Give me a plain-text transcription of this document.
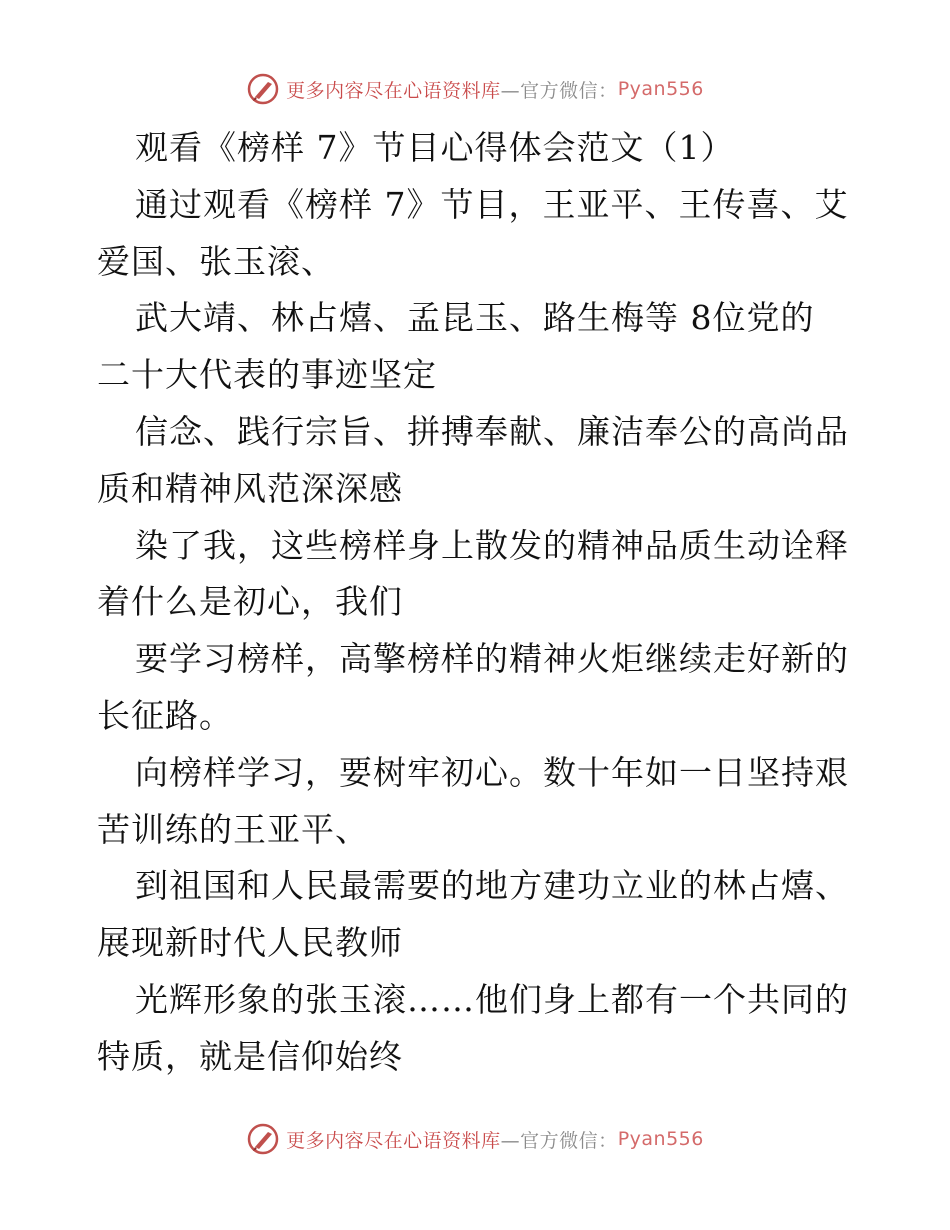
更多内容尽在心语资料库 —官方微信： Pyan556
观看《榜样 7》节目心得体会范文（1）
通过观看《榜样 7》节目，王亚平、王传喜、艾
爱国、张玉滚、
武大靖、林占熺、孟昆玉、路生梅等 8位党的
二十大代表的事迹坚定
信念、践行宗旨、拼搏奉献、廉洁奉公的高尚品
质和精神风范深深感
染了我，这些榜样身上散发的精神品质生动诠释
着什么是初心，我们
要学习榜样，高擎榜样的精神火炬继续走好新的
长征路。
向榜样学习，要树牢初心。数十年如一日坚持艰
苦训练的王亚平、
到祖国和人民最需要的地方建功立业的林占熺、
展现新时代人民教师
光辉形象的张玉滚……他们身上都有一个共同的
特质，就是信仰始终
更多内容尽在心语资料库 —官方微信： Pyan556
